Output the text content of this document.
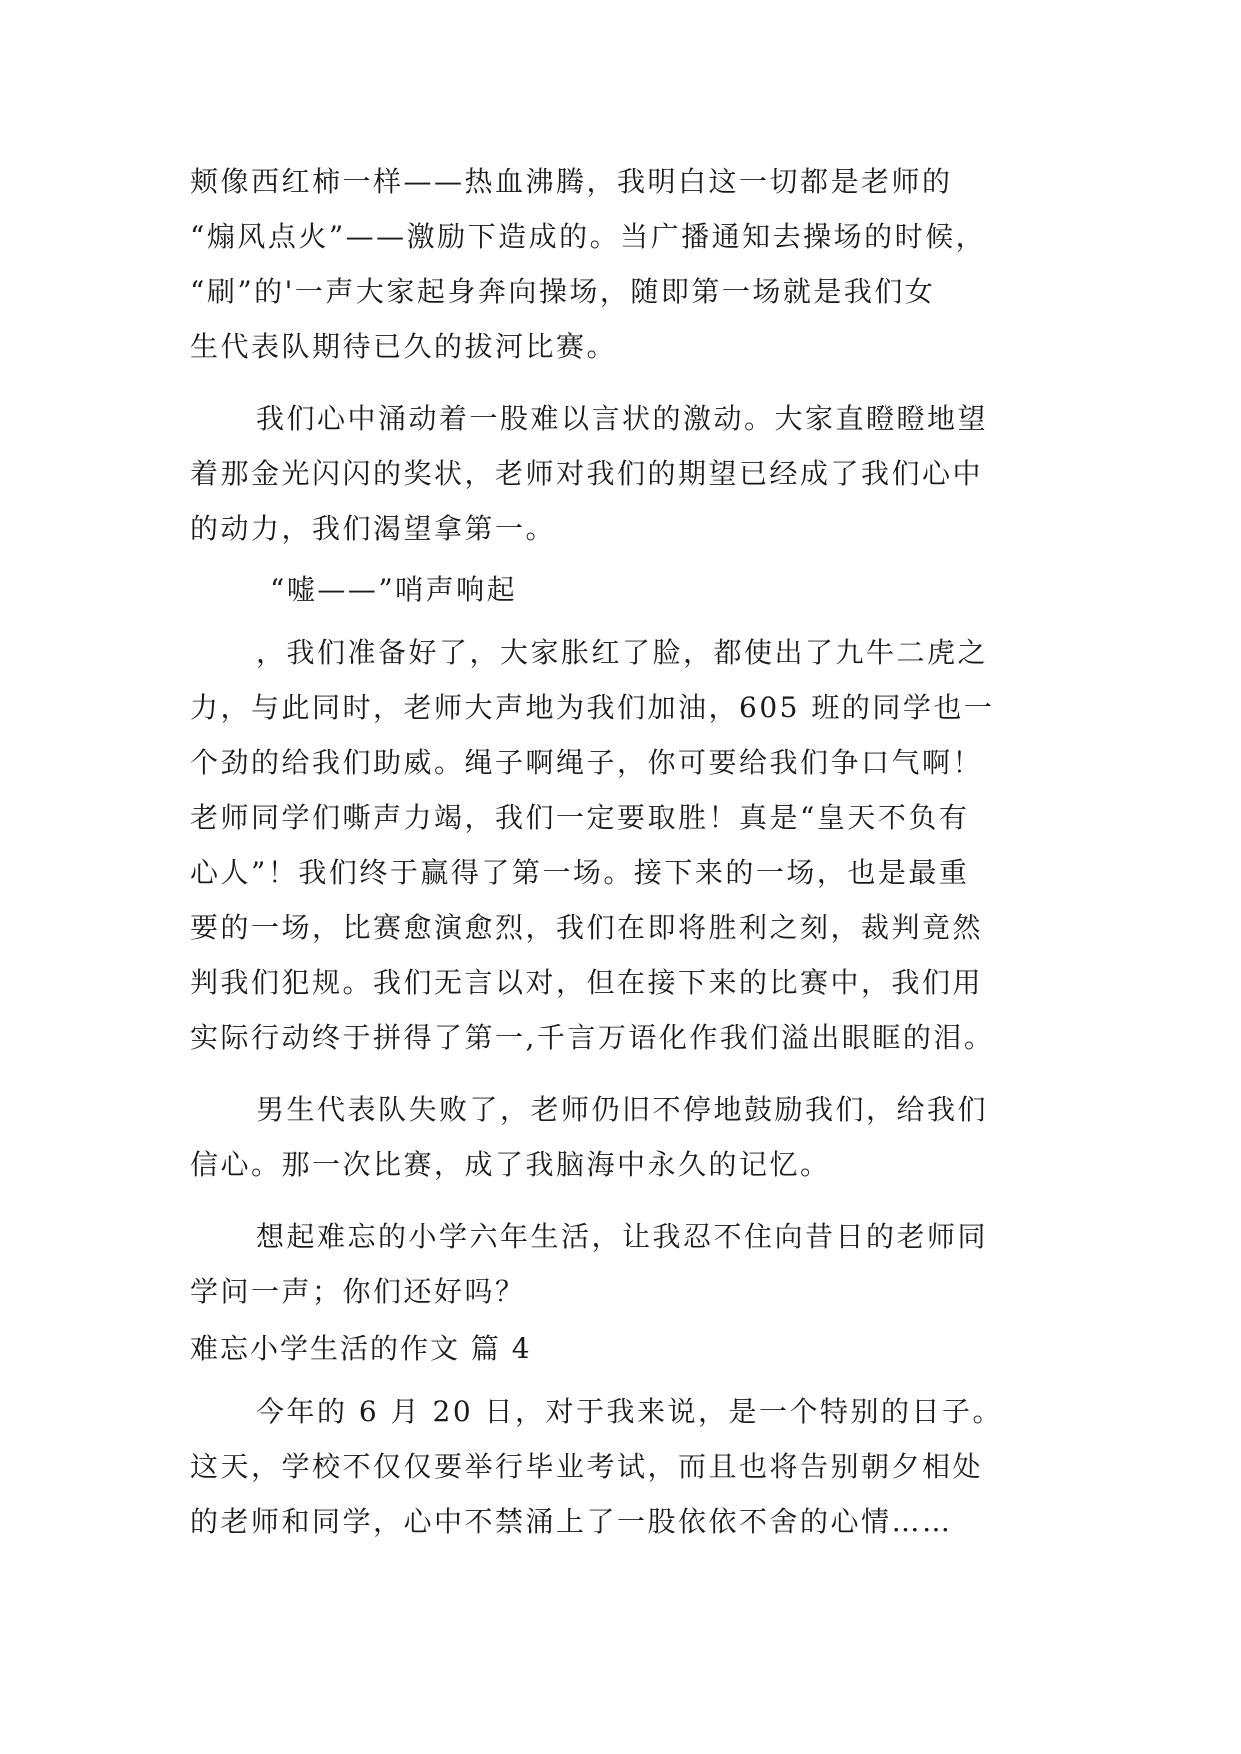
颊像西红柿一样——热血沸腾，我明白这一切都是老师的
“煽风点火”——激励下造成的。当广播通知去操场的时候，
“刷”的'一声大家起身奔向操场，随即第一场就是我们女
生代表队期待已久的拔河比赛。
我们心中涌动着一股难以言状的激动。大家直瞪瞪地望
着那金光闪闪的奖状，老师对我们的期望已经成了我们心中
的动力，我们渴望拿第一。
“嘘——”哨声响起
，我们准备好了，大家胀红了脸，都使出了九牛二虎之
力，与此同时，老师大声地为我们加油，605 班的同学也一
个劲的给我们助威。绳子啊绳子，你可要给我们争口气啊！
老师同学们嘶声力竭，我们一定要取胜！真是“皇天不负有
心人”！我们终于赢得了第一场。接下来的一场，也是最重
要的一场，比赛愈演愈烈，我们在即将胜利之刻，裁判竟然
判我们犯规。我们无言以对，但在接下来的比赛中，我们用
实际行动终于拼得了第一,千言万语化作我们溢出眼眶的泪。
男生代表队失败了，老师仍旧不停地鼓励我们，给我们
信心。那一次比赛，成了我脑海中永久的记忆。
想起难忘的小学六年生活，让我忍不住向昔日的老师同
学问一声；你们还好吗？
难忘小学生活的作文 篇 4
今年的 6 月 20 日，对于我来说，是一个特别的日子。
这天，学校不仅仅要举行毕业考试，而且也将告别朝夕相处
的老师和同学，心中不禁涌上了一股依依不舍的心情……
